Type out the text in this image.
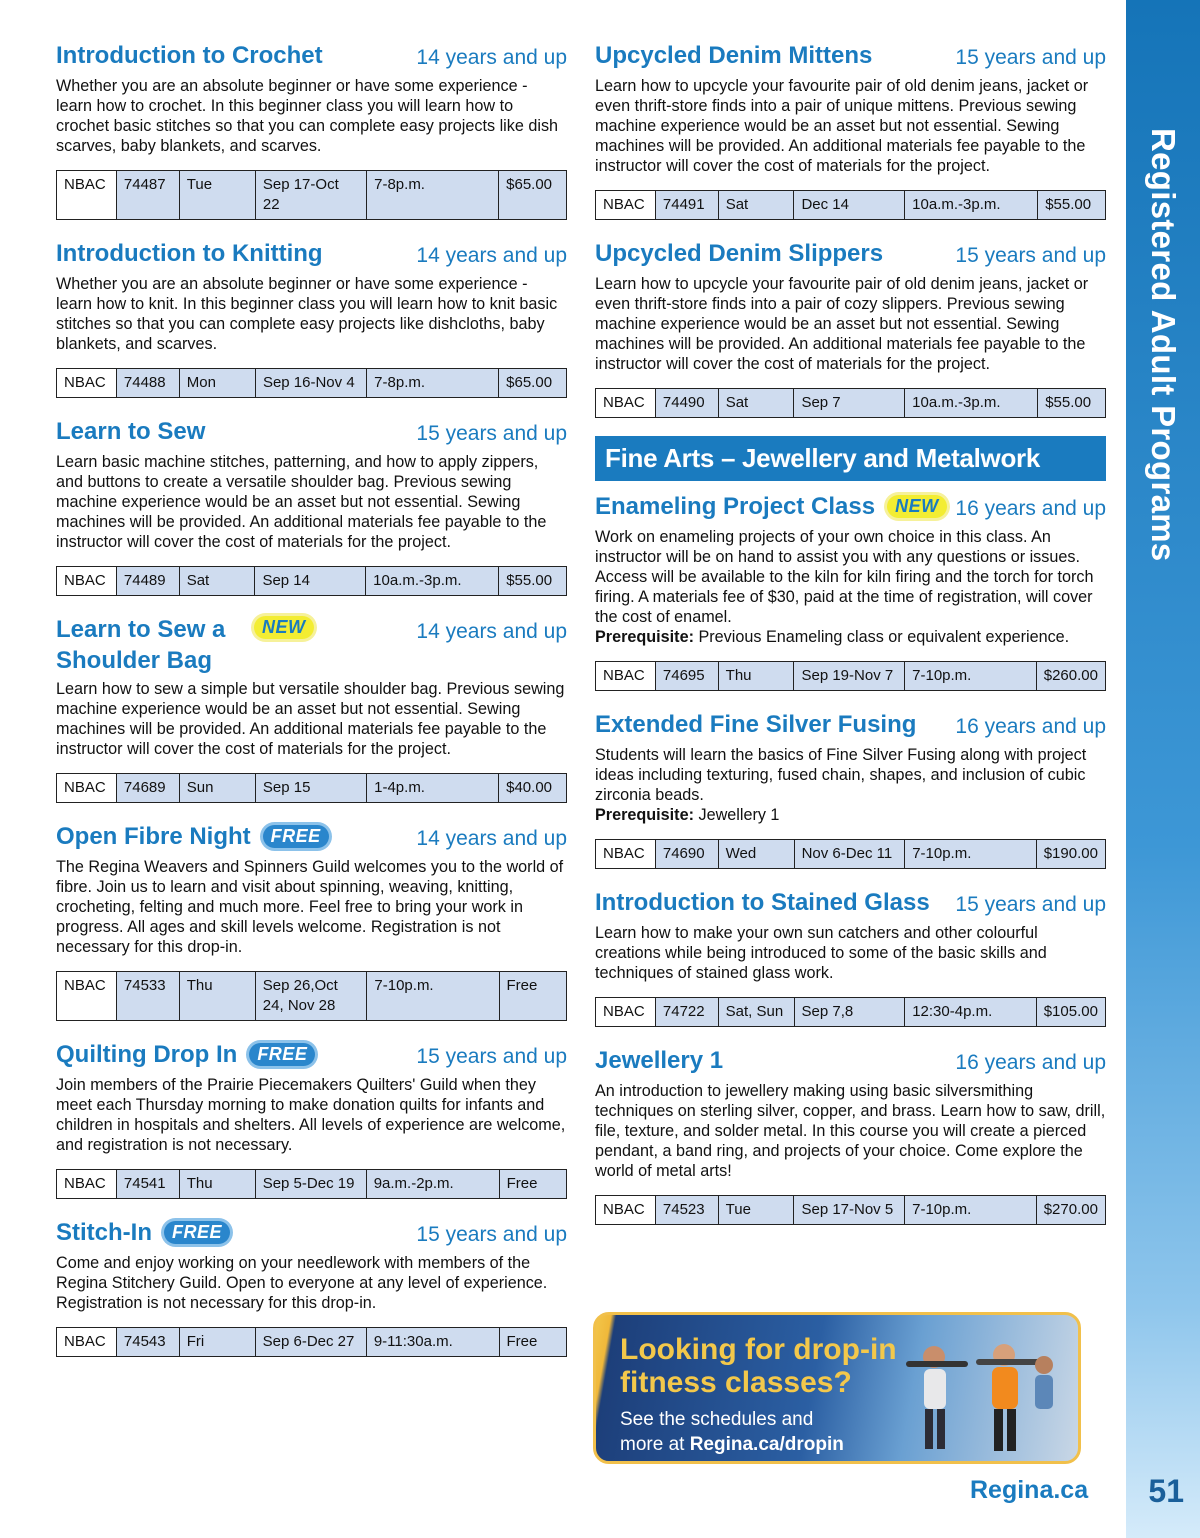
Registered Adult Programs
Introduction to Crochet	14 years and up

Whether you are an absolute beginner or have some experience - learn how to crochet. In this beginner class you will learn how to crochet basic stitches so that you can complete easy projects like dish scarves, baby blankets, and scarves.

NBAC	74487	Tue	Sep 17-Oct 22	7-8p.m.	$65.00
Introduction to Knitting	14 years and up

Whether you are an absolute beginner or have some experience - learn how to knit. In this beginner class you will learn how to knit basic stitches so that you can complete easy projects like dishcloths, baby blankets, and scarves.

NBAC	74488	Mon	Sep 16-Nov 4	7-8p.m.	$65.00
Learn to Sew	15 years and up

Learn basic machine stitches, patterning, and how to apply zippers, and buttons to create a versatile shoulder bag. Previous sewing machine experience would be an asset but not essential. Sewing machines will be provided. An additional materials fee payable to the instructor will cover the cost of materials for the project.

NBAC	74489	Sat	Sep 14	10a.m.-3p.m.	$55.00
Learn to Sew a Shoulder Bag
NEW	14 years and up

Learn how to sew a simple but versatile shoulder bag. Previous sewing machine experience would be an asset but not essential. Sewing machines will be provided. An additional materials fee payable to the instructor will cover the cost of materials for the project.

NBAC	74689	Sun	Sep 15	1-4p.m.	$40.00
Open Fibre Night	FREE	14 years and up

The Regina Weavers and Spinners Guild welcomes you to the world of fibre. Join us to learn and visit about spinning, weaving, knitting, crocheting, felting and much more. Feel free to bring your work in progress. All ages and skill levels welcome. Registration is not necessary for this drop-in.

NBAC	74533	Thu	Sep 26,Oct 24, Nov 28	7-10p.m.	Free
Quilting Drop In	FREE	15 years and up

Join members of the Prairie Piecemakers Quilters' Guild when they meet each Thursday morning to make donation quilts for infants and children in hospitals and shelters. All levels of experience are welcome, and registration is not necessary.

NBAC	74541	Thu	Sep 5-Dec 19	9a.m.-2p.m.	Free
Stitch-In	FREE	15 years and up

Come and enjoy working on your needlework with members of the Regina Stitchery Guild. Open to everyone at any level of experience. Registration is not necessary for this drop-in.

NBAC	74543	Fri	Sep 6-Dec 27	9-11:30a.m.	Free
Upcycled Denim Mittens	15 years and up

Learn how to upcycle your favourite pair of old denim jeans, jacket or even thrift-store finds into a pair of unique mittens. Previous sewing machine experience would be an asset but not essential. Sewing machines will be provided. An additional materials fee payable to the instructor will cover the cost of materials for the project.

NBAC	74491	Sat	Dec 14	10a.m.-3p.m.	$55.00
Upcycled Denim Slippers	15 years and up

Learn how to upcycle your favourite pair of old denim jeans, jacket or even thrift-store finds into a pair of cozy slippers. Previous sewing machine experience would be an asset but not essential. Sewing machines will be provided. An additional materials fee payable to the instructor will cover the cost of materials for the project.

NBAC	74490	Sat	Sep 7	10a.m.-3p.m.	$55.00
Fine Arts – Jewellery and Metalwork
Enameling Project Class	NEW 16 years and up

Work on enameling projects of your own choice in this class. An instructor will be on hand to assist you with any questions or issues. Access will be available to the kiln for kiln firing and the torch for torch firing. A materials fee of $30, paid at the time of registration, will cover the cost of enamel.
Prerequisite: Previous Enameling class or equivalent experience.

NBAC	74695	Thu	Sep 19-Nov 7	7-10p.m.	$260.00
Extended Fine Silver Fusing 16 years and up

Students will learn the basics of Fine Silver Fusing along with project ideas including texturing, fused chain, shapes, and inclusion of cubic zirconia beads.
Prerequisite: Jewellery 1

NBAC	74690	Wed	Nov 6-Dec 11	7-10p.m.	$190.00
Introduction to Stained Glass 15 years and up

Learn how to make your own sun catchers and other colourful creations while being introduced to some of the basic skills and techniques of stained glass work.

NBAC	74722	Sat, Sun	Sep 7,8	12:30-4p.m.	$105.00
Jewellery 1	16 years and up

An introduction to jewellery making using basic silversmithing techniques on sterling silver, copper, and brass. Learn how to saw, drill, file, texture, and solder metal. In this course you will create a pierced pendant, a band ring, and projects of your choice. Come explore the world of metal arts!

NBAC	74523	Tue	Sep 17-Nov 5	7-10p.m.	$270.00
Looking for drop-in
fitness classes?
See the schedules and
more at Regina.ca/dropin
Regina.ca 51
